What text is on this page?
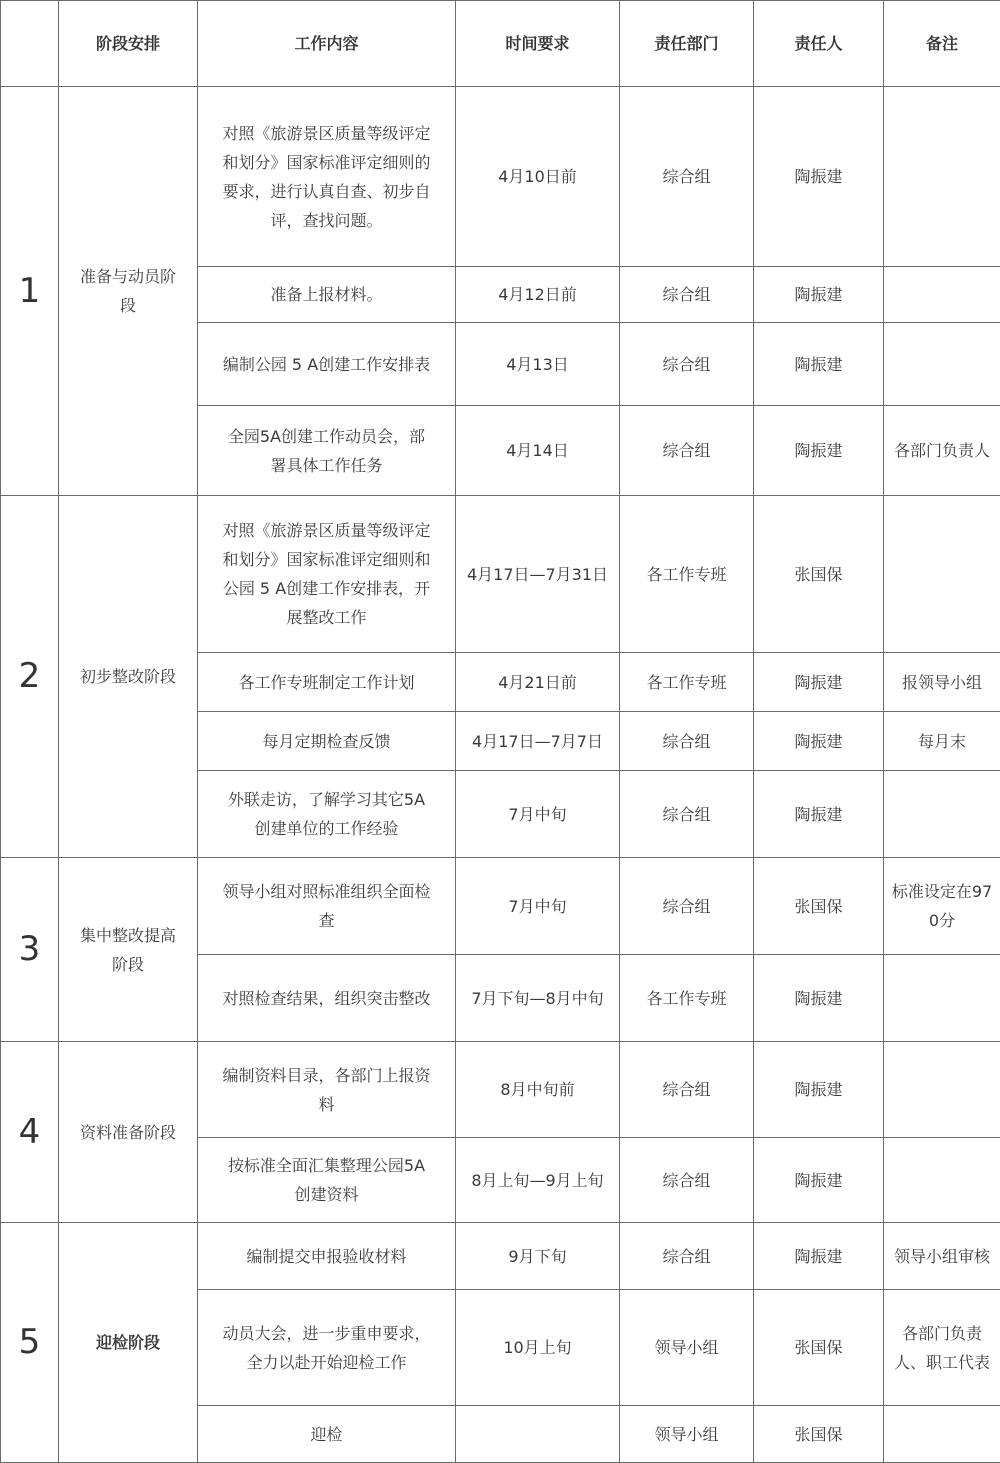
	阶段安排	工作内容	时间要求	责任部门	责任人	备注
1	准备与动员阶段	对照《旅游景区质量等级评定和划分》国家标准评定细则的要求，进行认真自查、初步自评，查找问题。	4月10日前	综合组	陶振建	
		准备上报材料。	4月12日前	综合组	陶振建	
		编制公园 5 A创建工作安排表	4月13日	综合组	陶振建	
		全园5A创建工作动员会，部署具体工作任务	4月14日	综合组	陶振建	各部门负责人
2	初步整改阶段	对照《旅游景区质量等级评定和划分》国家标准评定细则和公园 5 A创建工作安排表，开展整改工作	4月17日—7月31日	各工作专班	张国保	
		各工作专班制定工作计划	4月21日前	各工作专班	陶振建	报领导小组
		每月定期检查反馈	4月17日—7月7日	综合组	陶振建	每月末
		外联走访，了解学习其它5A创建单位的工作经验	7月中旬	综合组	陶振建	
3	集中整改提高阶段	领导小组对照标准组织全面检查	7月中旬	综合组	张国保	标准设定在970分
		对照检查结果，组织突击整改	7月下旬—8月中旬	各工作专班	陶振建	
4	资料准备阶段	编制资料目录，各部门上报资料	8月中旬前	综合组	陶振建	
		按标准全面汇集整理公园5A创建资料	8月上旬—9月上旬	综合组	陶振建	
5	迎检阶段	编制提交申报验收材料	9月下旬	综合组	陶振建	领导小组审核
		动员大会，进一步重申要求，全力以赴开始迎检工作	10月上旬	领导小组	张国保	各部门负责人、职工代表
		迎检		领导小组	张国保	
